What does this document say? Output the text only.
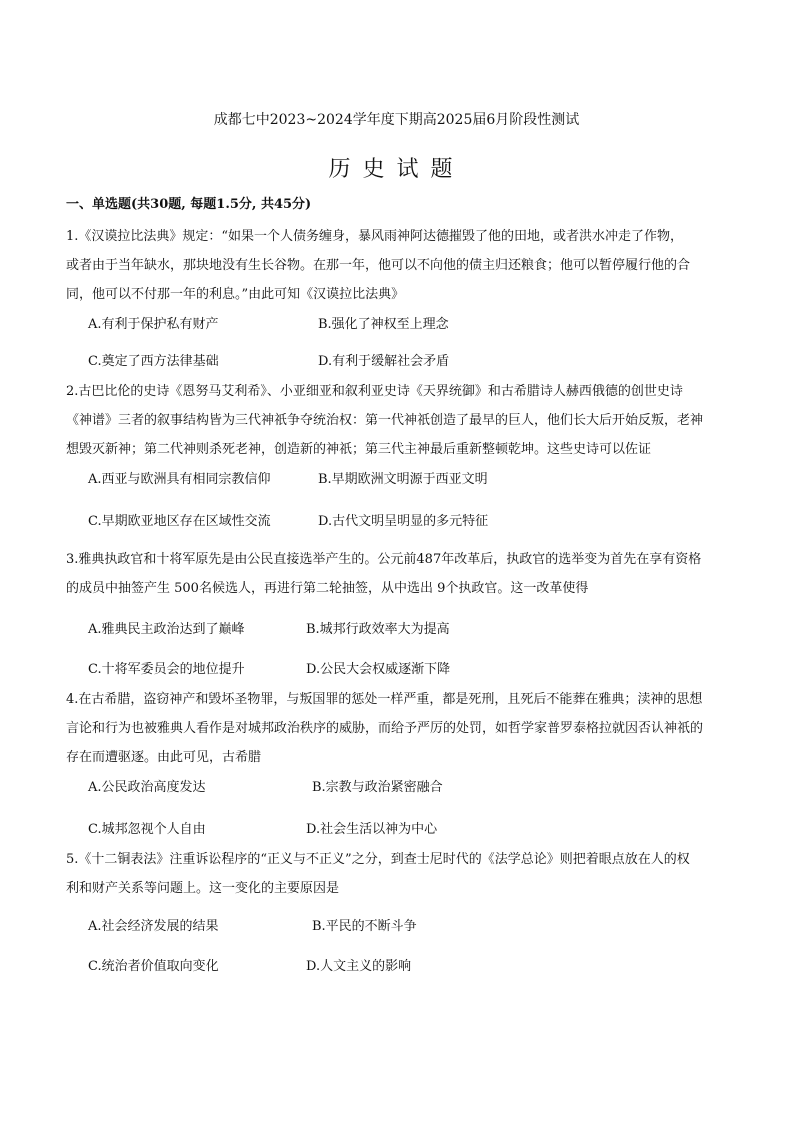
成都七中2023~2024学年度下期高2025届6月阶段性测试
历史试题
一、单选题(共30题, 每题1.5分, 共45分)
1.《汉谟拉比法典》规定：“如果一个人债务缠身，暴风雨神阿达德摧毁了他的田地，或者洪水冲走了作物，
或者由于当年缺水，那块地没有生长谷物。在那一年，他可以不向他的债主归还粮食；他可以暂停履行他的合
同，他可以不付那一年的利息。”由此可知《汉谟拉比法典》
A.有利于保护私有财产	B.强化了神权至上理念
C.奠定了西方法律基础	D.有利于缓解社会矛盾
2.古巴比伦的史诗《恩努马艾利希》、小亚细亚和叙利亚史诗《天界统御》和古希腊诗人赫西俄德的创世史诗
《神谱》三者的叙事结构皆为三代神祇争夺统治权：第一代神祇创造了最早的巨人，他们长大后开始反叛，老神
想毁灭新神；第二代神则杀死老神，创造新的神祇；第三代主神最后重新整顿乾坤。这些史诗可以佐证
A.西亚与欧洲具有相同宗教信仰	B.早期欧洲文明源于西亚文明
C.早期欧亚地区存在区域性交流	D.古代文明呈明显的多元特征
3.雅典执政官和十将军原先是由公民直接选举产生的。公元前487年改革后，执政官的选举变为首先在享有资格
的成员中抽签产生 500名候选人，再进行第二轮抽签，从中选出 9个执政官。这一改革使得
A.雅典民主政治达到了巅峰	B.城邦行政效率大为提高
C.十将军委员会的地位提升	D.公民大会权威逐渐下降
4.在古希腊，盗窃神产和毁坏圣物罪，与叛国罪的惩处一样严重，都是死刑，且死后不能葬在雅典；渎神的思想
言论和行为也被雅典人看作是对城邦政治秩序的威胁，而给予严厉的处罚，如哲学家普罗泰格拉就因否认神祇的
存在而遭驱逐。由此可见，古希腊
A.公民政治高度发达	B.宗教与政治紧密融合
C.城邦忽视个人自由	D.社会生活以神为中心
5.《十二铜表法》注重诉讼程序的“正义与不正义”之分，到查士尼时代的《法学总论》则把着眼点放在人的权
利和财产关系等问题上。这一变化的主要原因是
A.社会经济发展的结果	B.平民的不断斗争
C.统治者价值取向变化	D.人文主义的影响
